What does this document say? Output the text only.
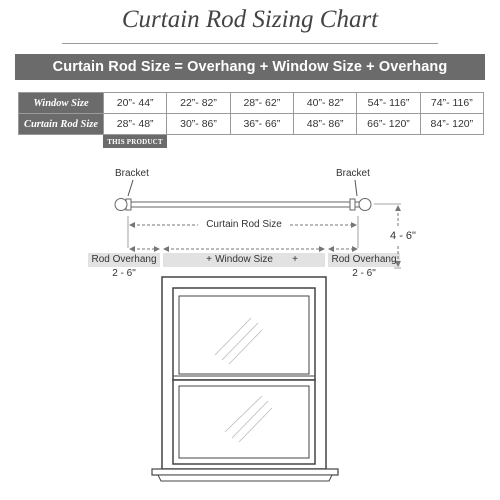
Curtain Rod Sizing Chart
Curtain Rod Size = Overhang + Window Size + Overhang
Window Size	20”- 44”	22”- 82”	28”- 62”	40”- 82”	54”- 116”	74”- 116”
Curtain Rod Size	28”- 48”	30”- 86”	36”- 66”	48”- 86”	66”- 120”	84”- 120”
THIS PRODUCT
Bracket	Bracket
Curtain Rod Size
4 - 6"
Rod Overhang
2 - 6"
+ Window Size	+	Rod Overhang
2 - 6"
